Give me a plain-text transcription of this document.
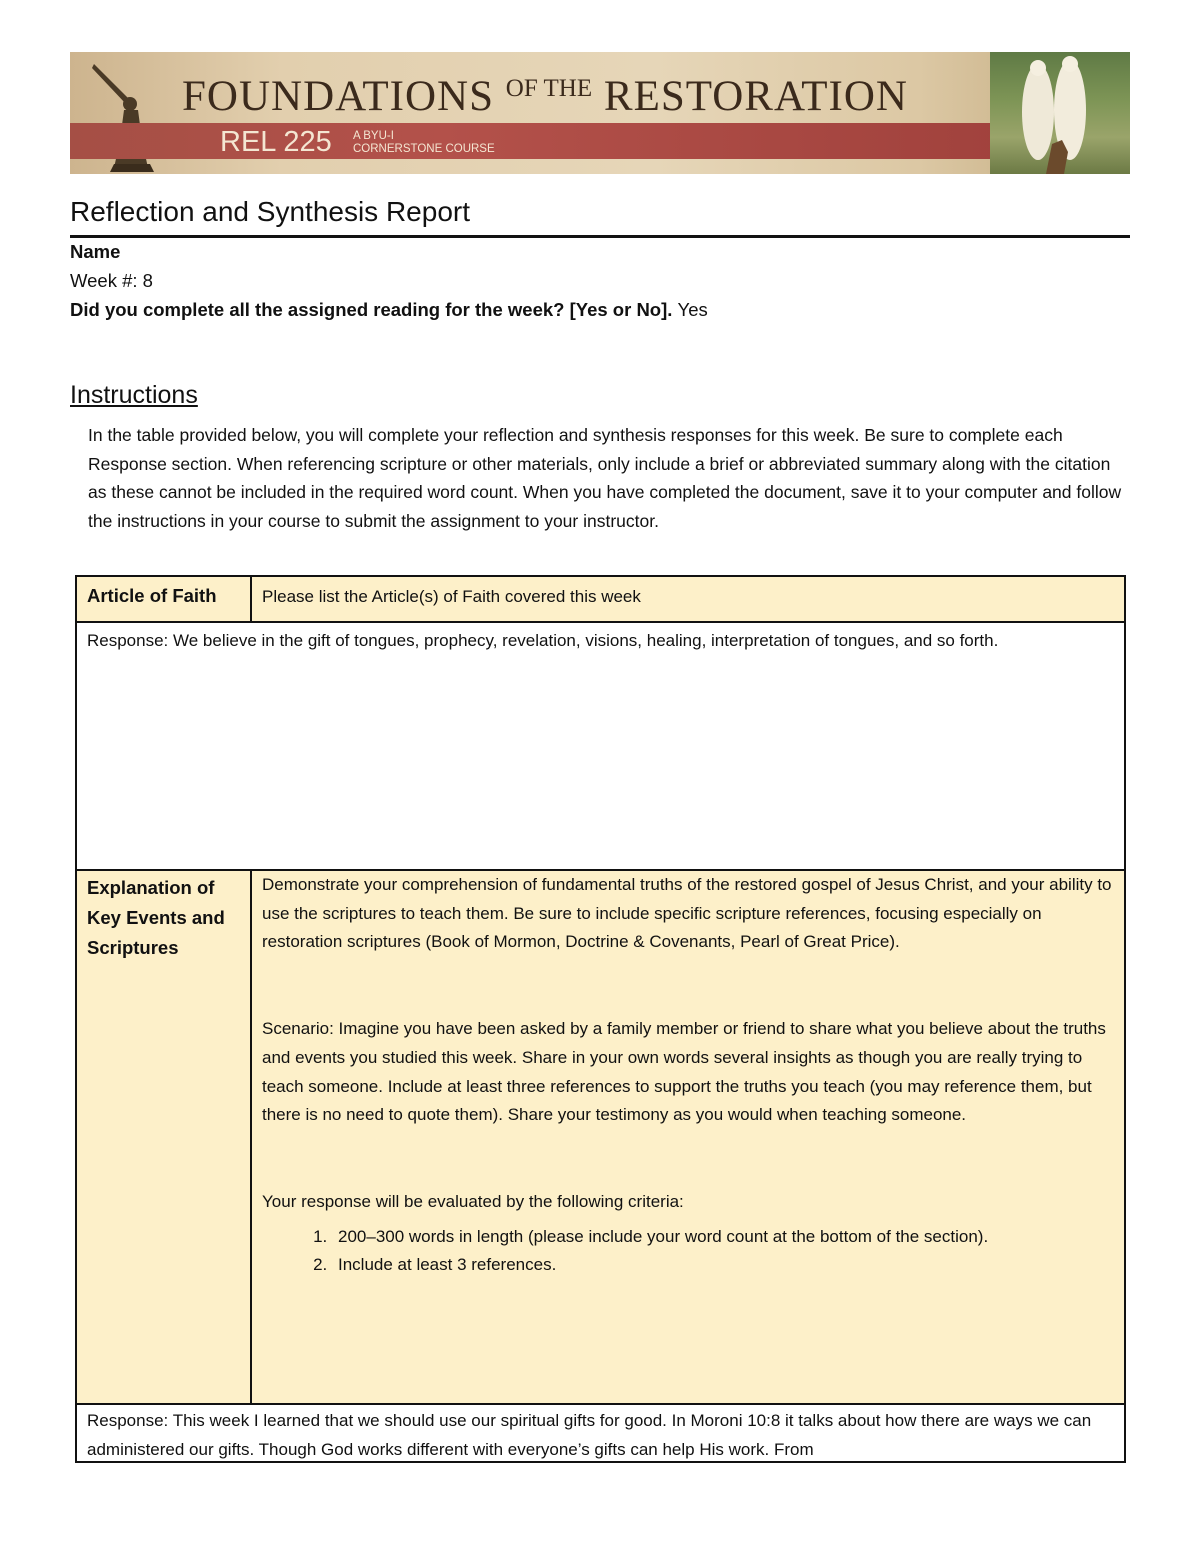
FOUNDATIONS $^{OF THE}$ RESTORATION
REL 225 A BYU-I
CORNERSTONE COURSE
Reflection and Synthesis Report
Name
Week #: 8
Did you complete all the assigned reading for the week? [Yes or No]. Yes
Instructions
In the table provided below, you will complete your reflection and synthesis responses for this week. Be sure to complete each Response section. When referencing scripture or other materials, only include a brief or abbreviated summary along with the citation as these cannot be included in the required word count. When you have completed the document, save it to your computer and follow the instructions in your course to submit the assignment to your instructor.
Article of Faith	Please list the Article(s) of Faith covered this week
Response: We believe in the gift of tongues, prophecy, revelation, visions, healing, interpretation of tongues, and so forth.
Explanation of Key Events and Scriptures
Demonstrate your comprehension of fundamental truths of the restored gospel of Jesus Christ, and your ability to use the scriptures to teach them. Be sure to include specific scripture references, focusing especially on restoration scriptures (Book of Mormon, Doctrine & Covenants, Pearl of Great Price).
Scenario: Imagine you have been asked by a family member or friend to share what you believe about the truths and events you studied this week. Share in your own words several insights as though you are really trying to teach someone. Include at least three references to support the truths you teach (you may reference them, but there is no need to quote them). Share your testimony as you would when teaching someone.
Your response will be evaluated by the following criteria:
1. 200–300 words in length (please include your word count at the bottom of the section).
2. Include at least 3 references.
Response: This week I learned that we should use our spiritual gifts for good. In Moroni 10:8 it talks about how there are ways we can administered our gifts. Though God works different with everyone’s gifts can help His work. From
